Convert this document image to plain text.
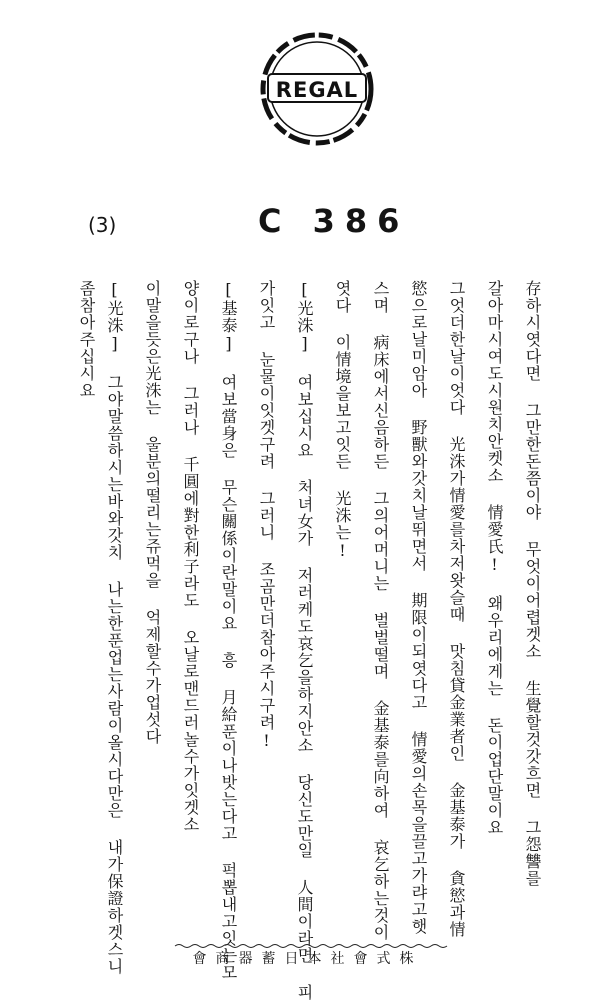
REGAL
(3)	C 386
存하시엿다면 그만한돈쯤이야 무엇이어렵겟소 生覺할것갓흐면 그怨讐를
갈아마시여도시원치안켓소 情愛氏! 왜우리에게는 돈이업단말이요
그엇더한날이엇다 光洙가情愛를차저왓슬때 맛침貸金業者인 金基泰가 貪慾과情
慾으로날미암아 野獸와갓치날뛰면서 期限이되엿다고 情愛의손목을끌고가랴고햇
스며 病床에서신음하든 그의어머니는 벌벌떨며 金基泰를向하여 哀乞하는것이
엿다 이情境을보고잇든 光洙는!
[光洙] 여보십시요 처녀女가 저러케도哀乞을하지안소 당신도만일 人間이라면 피
가잇고 눈물이잇겟구려 그러니 조곰만더참아주시구려!
[基泰] 여보當身은 무슨關係이란말이요 흥 月給푼이나밧는다고 퍽뽑내고잇는모
양이로구나 그러나 千圓에對한利子라도 오날로맨드러놀수가잇겟소
이말을듯은光洙는 울분의떨리는쥬먹을 억제할수가업섯다
[光洙] 그야말씀하시는바와갓치 나는한푼업는사람이올시다만은 내가保證하겟스니
좀참아주십시요
會商器蓄日本社會式株
